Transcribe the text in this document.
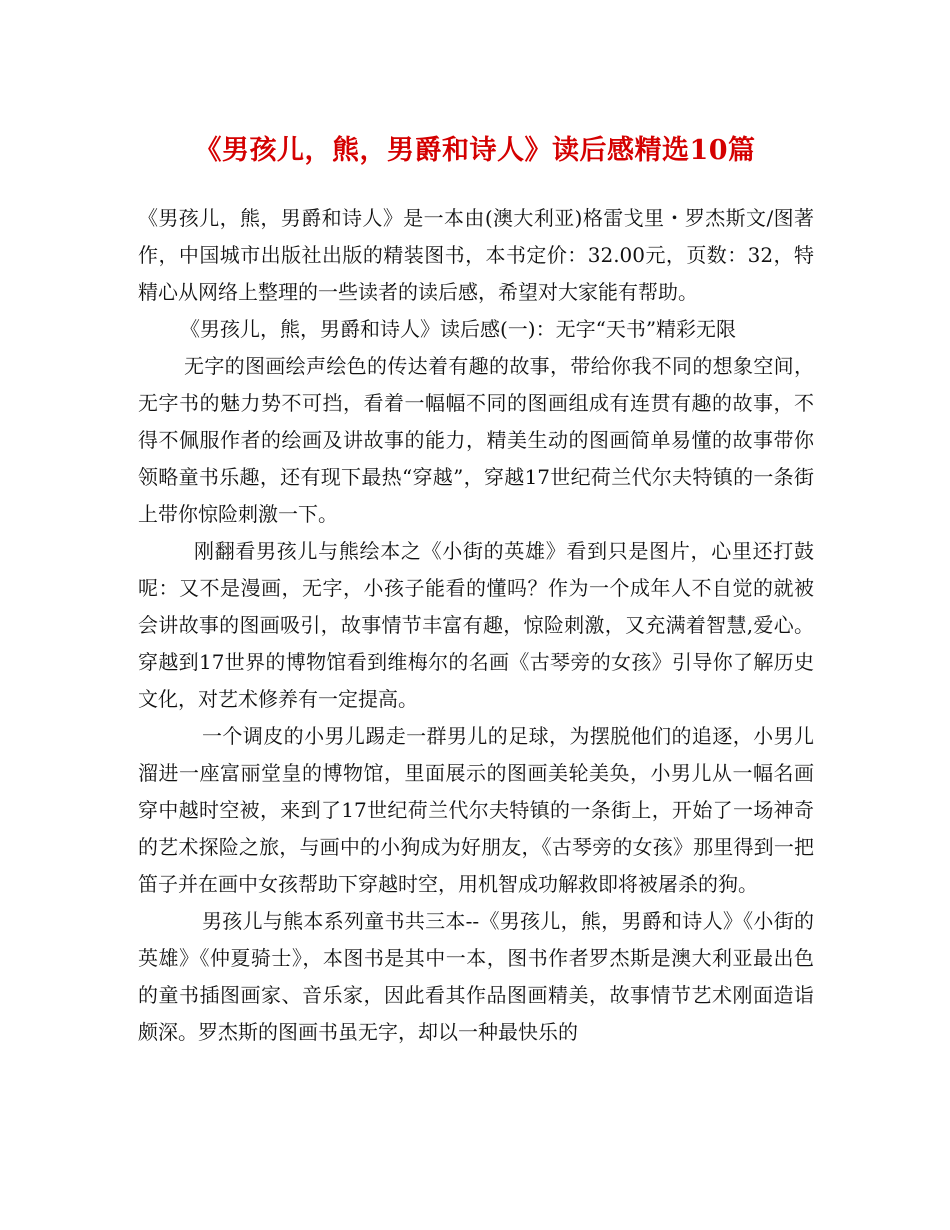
《男孩儿，熊，男爵和诗人》读后感精选10篇

《男孩儿，熊，男爵和诗人》是一本由(澳大利亚)格雷戈里・罗杰斯文/图著作，中国城市出版社出版的精装图书，本书定价：32.00元，页数：32，特精心从网络上整理的一些读者的读后感，希望对大家能有帮助。

《男孩儿，熊，男爵和诗人》读后感(一)：无字“天书”精彩无限

无字的图画绘声绘色的传达着有趣的故事，带给你我不同的想象空间，无字书的魅力势不可挡，看着一幅幅不同的图画组成有连贯有趣的故事，不得不佩服作者的绘画及讲故事的能力，精美生动的图画简单易懂的故事带你领略童书乐趣，还有现下最热“穿越”，穿越17世纪荷兰代尔夫特镇的一条街上带你惊险刺激一下。

刚翻看男孩儿与熊绘本之《小街的英雄》看到只是图片，心里还打鼓呢：又不是漫画，无字，小孩子能看的懂吗？作为一个成年人不自觉的就被会讲故事的图画吸引，故事情节丰富有趣，惊险刺激，又充满着智慧,爱心。穿越到17世界的博物馆看到维梅尔的名画《古琴旁的女孩》引导你了解历史文化，对艺术修养有一定提高。

一个调皮的小男儿踢走一群男儿的足球，为摆脱他们的追逐，小男儿溜进一座富丽堂皇的博物馆，里面展示的图画美轮美奂，小男儿从一幅名画穿中越时空被，来到了17世纪荷兰代尔夫特镇的一条街上，开始了一场神奇的艺术探险之旅，与画中的小狗成为好朋友，《古琴旁的女孩》那里得到一把笛子并在画中女孩帮助下穿越时空，用机智成功解救即将被屠杀的狗。

男孩儿与熊本系列童书共三本--《男孩儿，熊，男爵和诗人》《小街的英雄》《仲夏骑士》，本图书是其中一本，图书作者罗杰斯是澳大利亚最出色的童书插图画家、音乐家，因此看其作品图画精美，故事情节艺术刚面造诣颇深。罗杰斯的图画书虽无字，却以一种最快乐的
